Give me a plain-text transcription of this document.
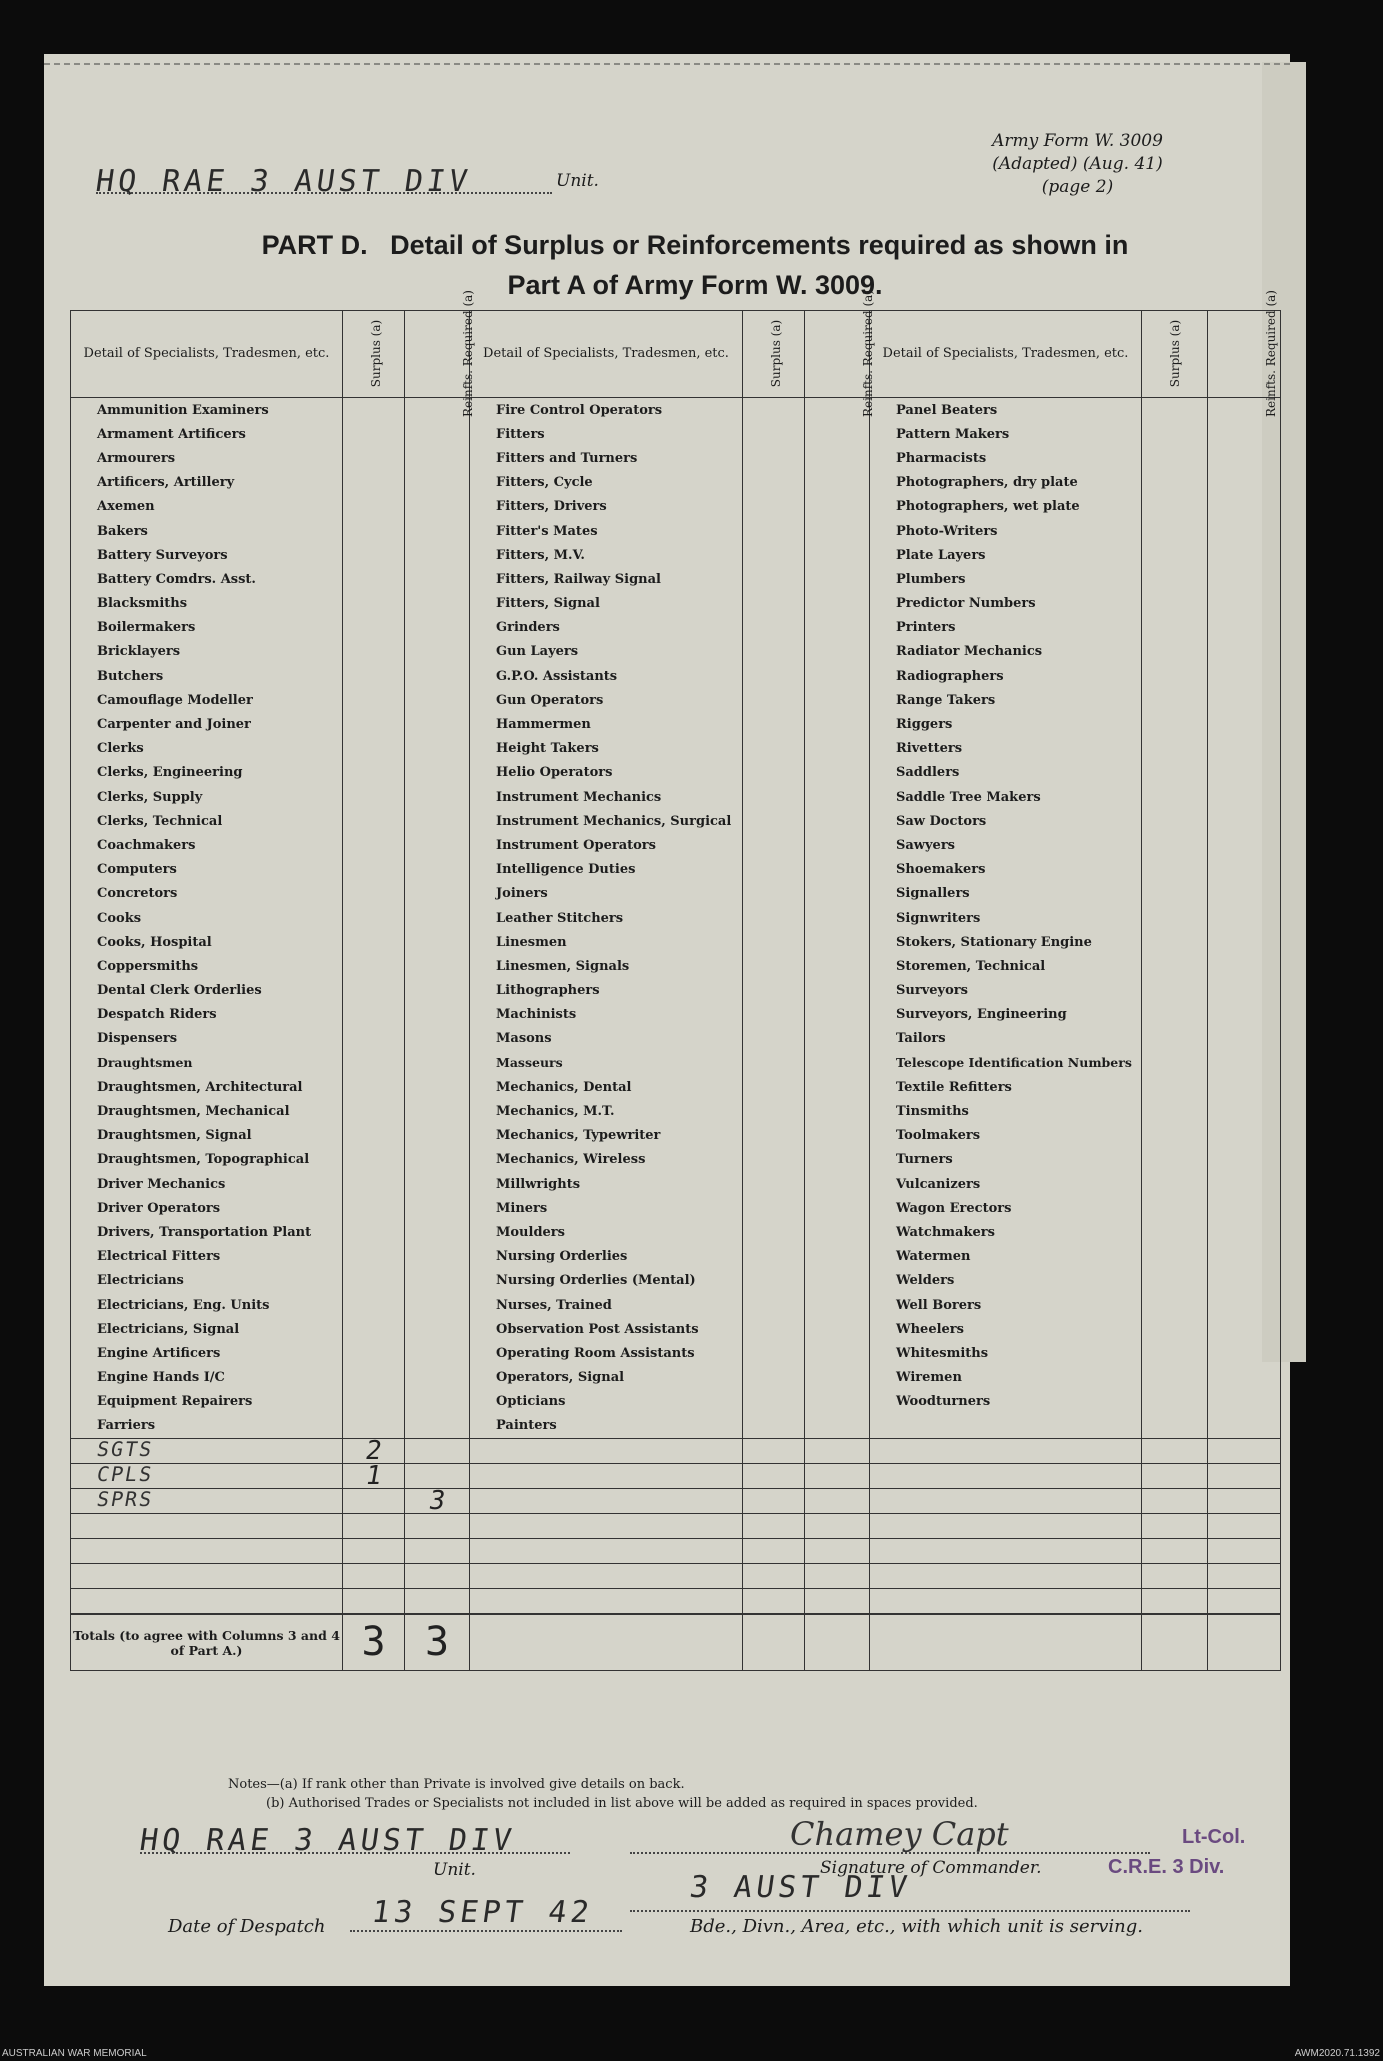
HQ RAE 3 AUST DIV	Unit.
Army Form W. 3009
(Adapted) (Aug. 41)
(page 2)
PART D.   Detail of Surplus or Reinforcements required as shown in
Part A of Army Form W. 3009.
Detail of Specialists, Tradesmen, etc.	Surplus (a)	Reinfts. Required (a)	Detail of Specialists, Tradesmen, etc.	Surplus (a)	Reinfts. Required (a)	Detail of Specialists, Tradesmen, etc.	Surplus (a)	Reinfts. Required (a)
Ammunition Examiners			Fire Control Operators			Panel Beaters		
Armament Artificers			Fitters			Pattern Makers		
Armourers			Fitters and Turners			Pharmacists		
Artificers, Artillery			Fitters, Cycle			Photographers, dry plate		
Axemen			Fitters, Drivers			Photographers, wet plate		
Bakers			Fitter's Mates			Photo-Writers		
Battery Surveyors			Fitters, M.V.			Plate Layers		
Battery Comdrs. Asst.			Fitters, Railway Signal			Plumbers		
Blacksmiths			Fitters, Signal			Predictor Numbers		
Boilermakers			Grinders			Printers		
Bricklayers			Gun Layers			Radiator Mechanics		
Butchers			G.P.O. Assistants			Radiographers		
Camouflage Modeller			Gun Operators			Range Takers		
Carpenter and Joiner			Hammermen			Riggers		
Clerks			Height Takers			Rivetters		
Clerks, Engineering			Helio Operators			Saddlers		
Clerks, Supply			Instrument Mechanics			Saddle Tree Makers		
Clerks, Technical			Instrument Mechanics, Surgical			Saw Doctors		
Coachmakers			Instrument Operators			Sawyers		
Computers			Intelligence Duties			Shoemakers		
Concretors			Joiners			Signallers		
Cooks			Leather Stitchers			Signwriters		
Cooks, Hospital			Linesmen			Stokers, Stationary Engine		
Coppersmiths			Linesmen, Signals			Storemen, Technical		
Dental Clerk Orderlies			Lithographers			Surveyors		
Despatch Riders			Machinists			Surveyors, Engineering		
Dispensers			Masons			Tailors		
Draughtsmen			Masseurs			Telescope Identification Numbers		
Draughtsmen, Architectural			Mechanics, Dental			Textile Refitters		
Draughtsmen, Mechanical			Mechanics, M.T.			Tinsmiths		
Draughtsmen, Signal			Mechanics, Typewriter			Toolmakers		
Draughtsmen, Topographical			Mechanics, Wireless			Turners		
Driver Mechanics			Millwrights			Vulcanizers		
Driver Operators			Miners			Wagon Erectors		
Drivers, Transportation Plant			Moulders			Watchmakers		
Electrical Fitters			Nursing Orderlies			Watermen		
Electricians			Nursing Orderlies (Mental)			Welders		
Electricians, Eng. Units			Nurses, Trained			Well Borers		
Electricians, Signal			Observation Post Assistants			Wheelers		
Engine Artificers			Operating Room Assistants			Whitesmiths		
Engine Hands I/C			Operators, Signal			Wiremen		
Equipment Repairers			Opticians			Woodturners		
Farriers			Painters					
SGTS	2							

CPLS	1							

SPRS		3						

Totals (to agree with Columns 3 and 4 of Part A.)	3	3						

Notes—(a) If rank other than Private is involved give details on back.
(b) Authorised Trades or Specialists not included in list above will be added as required in spaces provided.
HQ RAE 3 AUST DIV
Unit.
Chamey Capt
Signature of Commander.
Lt-Col.
C.R.E. 3 Div.
Date of Despatch 13 SEPT 42
3 AUST DIV
Bde., Divn., Area, etc., with which unit is serving.
AUSTRALIAN WAR MEMORIAL	AWM2020.71.1392
